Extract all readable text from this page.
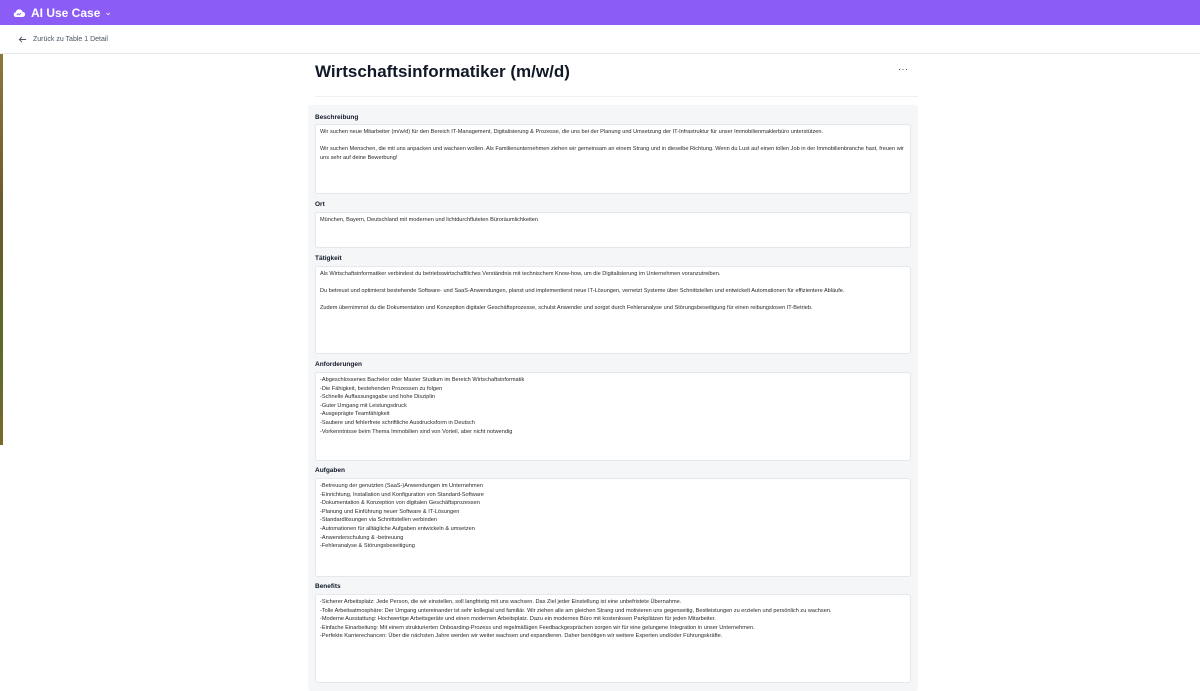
AI Use Case ⌄
Zurück zu Table 1 Detail
Wirtschaftsinformatiker (m/w/d)	···
Beschreibung
Wir suchen neue Mitarbeiter (m/w/d) für den Bereich IT-Management, Digitalisierung & Prozesse, die uns bei der Planung und Umsetzung der IT-Infrastruktur für unser Immobilienmaklerbüro unterstützen.

Wir suchen Menschen, die mit uns anpacken und wachsen wollen. Als Familienunternehmen ziehen wir gemeinsam an einem Strang und in dieselbe Richtung. Wenn du Lust auf einen tollen Job in der Immobilienbranche hast, freuen wir uns sehr auf deine Bewerbung!
Ort
München, Bayern, Deutschland mit modernen und lichtdurchfluteten Büroräumlichkeiten
Tätigkeit
Als Wirtschaftsinformatiker verbindest du betriebswirtschaftliches Verständnis mit technischem Know-how, um die Digitalisierung im Unternehmen voranzutreiben.

Du betreust und optimierst bestehende Software- und SaaS-Anwendungen, planst und implementierst neue IT-Lösungen, vernetzt Systeme über Schnittstellen und entwickelt Automationen für effizientere Abläufe.

Zudem übernimmst du die Dokumentation und Konzeption digitaler Geschäftsprozesse, schulst Anwender und sorgst durch Fehleranalyse und Störungsbeseitigung für einen reibungslosen IT-Betrieb.
Anforderungen
-Abgeschlossenes Bachelor oder Master Studium im Bereich Wirtschaftsinformatik
-Die Fähigkeit, bestehenden Prozessen zu folgen
-Schnelle Auffassungsgabe und hohe Disziplin
-Guter Umgang mit Leistungsdruck
-Ausgeprägte Teamfähigkeit
-Saubere und fehlerfreie schriftliche Ausdrucksform in Deutsch
-Vorkenntnisse beim Thema Immobilien sind von Vorteil, aber nicht notwendig
Aufgaben
-Betreuung der genutzten (SaaS-)Anwendungen im Unternehmen
-Einrichtung, Installation und Konfiguration von Standard-Software
-Dokumentation & Konzeption von digitalen Geschäftsprozessen
-Planung und Einführung neuer Software & IT-Lösungen
-Standardlösungen via Schnittstellen verbinden
-Automationen für alltägliche Aufgaben entwickeln & umsetzen
-Anwenderschulung & -betreuung
-Fehleranalyse & Störungsbeseitigung
Benefits
-Sicherer Arbeitsplatz: Jede Person, die wir einstellen, soll langfristig mit uns wachsen. Das Ziel jeder Einstellung ist eine unbefristete Übernahme.
-Tolle Arbeitsatmosphäre: Der Umgang untereinander ist sehr kollegial und familiär. Wir ziehen alle am gleichen Strang und motivieren uns gegenseitig, Bestleistungen zu erzielen und persönlich zu wachsen.
-Moderne Ausstattung: Hochwertige Arbeitsgeräte und einen modernen Arbeitsplatz. Dazu ein modernes Büro mit kostenlosen Parkplätzen für jeden Mitarbeiter.
-Einfache Einarbeitung: Mit einem strukturierten Onboarding-Prozess und regelmäßigen Feedbackgesprächen sorgen wir für eine gelungene Integration in unser Unternehmen.
-Perfekte Karrierechancen: Über die nächsten Jahre werden wir weiter wachsen und expandieren. Daher benötigen wir weitere Experten und/oder Führungskräfte.
